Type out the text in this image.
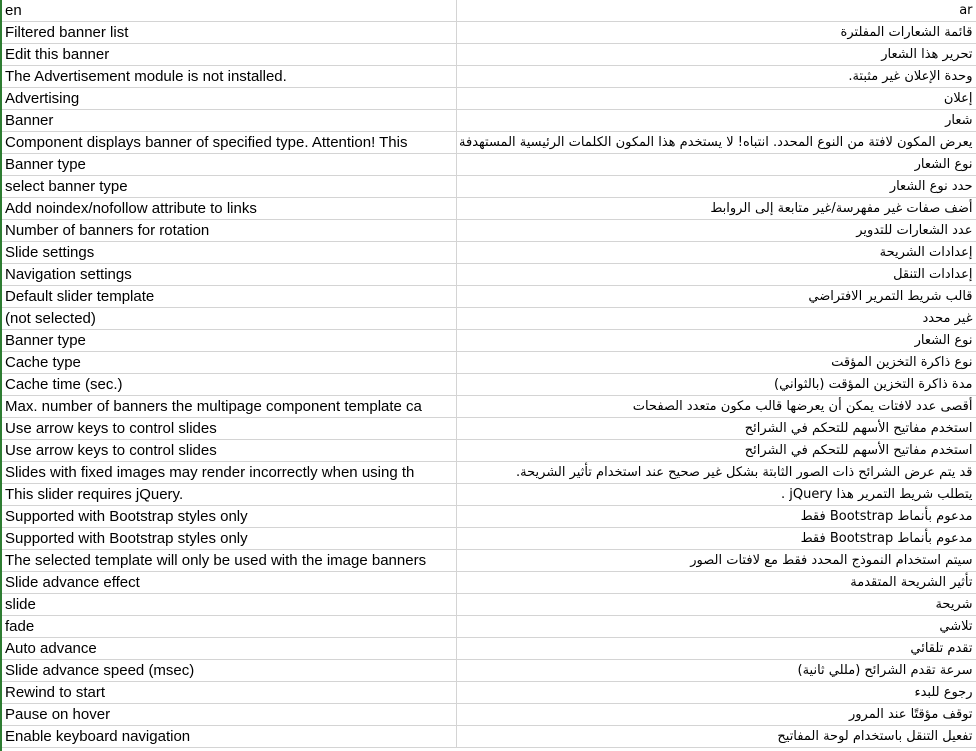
en	ar
Filtered banner list	قائمة الشعارات المفلترة
Edit this banner	تحرير هذا الشعار
The Advertisement module is not installed.	وحدة الإعلان غير مثبتة.
Advertising	إعلان
Banner	شعار
Component displays banner of specified type. Attention! This	يعرض المكون لافتة من النوع المحدد. انتباه! لا يستخدم هذا المكون الكلمات الرئيسية المستهدفة
Banner type	نوع الشعار
select banner type	حدد نوع الشعار
Add noindex/nofollow attribute to links	أضف صفات غير مفهرسة/غير متابعة إلى الروابط
Number of banners for rotation	عدد الشعارات للتدوير
Slide settings	إعدادات الشريحة
Navigation settings	إعدادات التنقل
Default slider template	قالب شريط التمرير الافتراضي
(not selected)	غير محدد
Banner type	نوع الشعار
Cache type	نوع ذاكرة التخزين المؤقت
Cache time (sec.)	مدة ذاكرة التخزين المؤقت (بالثواني)
Max. number of banners the multipage component template ca	أقصى عدد لافتات يمكن أن يعرضها قالب مكون متعدد الصفحات
Use arrow keys to control slides	استخدم مفاتيح الأسهم للتحكم في الشرائح
Use arrow keys to control slides	استخدم مفاتيح الأسهم للتحكم في الشرائح
Slides with fixed images may render incorrectly when using th	قد يتم عرض الشرائح ذات الصور الثابتة بشكل غير صحيح عند استخدام تأثير الشريحة.
This slider requires jQuery.	يتطلب شريط التمرير هذا jQuery .
Supported with Bootstrap styles only	مدعوم بأنماط Bootstrap فقط
Supported with Bootstrap styles only	مدعوم بأنماط Bootstrap فقط
The selected template will only be used with the image banners	سيتم استخدام النموذج المحدد فقط مع لافتات الصور
Slide advance effect	تأثير الشريحة المتقدمة
slide	شريحة
fade	تلاشي
Auto advance	تقدم تلقائي
Slide advance speed (msec)	سرعة تقدم الشرائح (مللي ثانية)
Rewind to start	رجوع للبدء
Pause on hover	توقف مؤقتًا عند المرور
Enable keyboard navigation	تفعيل التنقل باستخدام لوحة المفاتيح
